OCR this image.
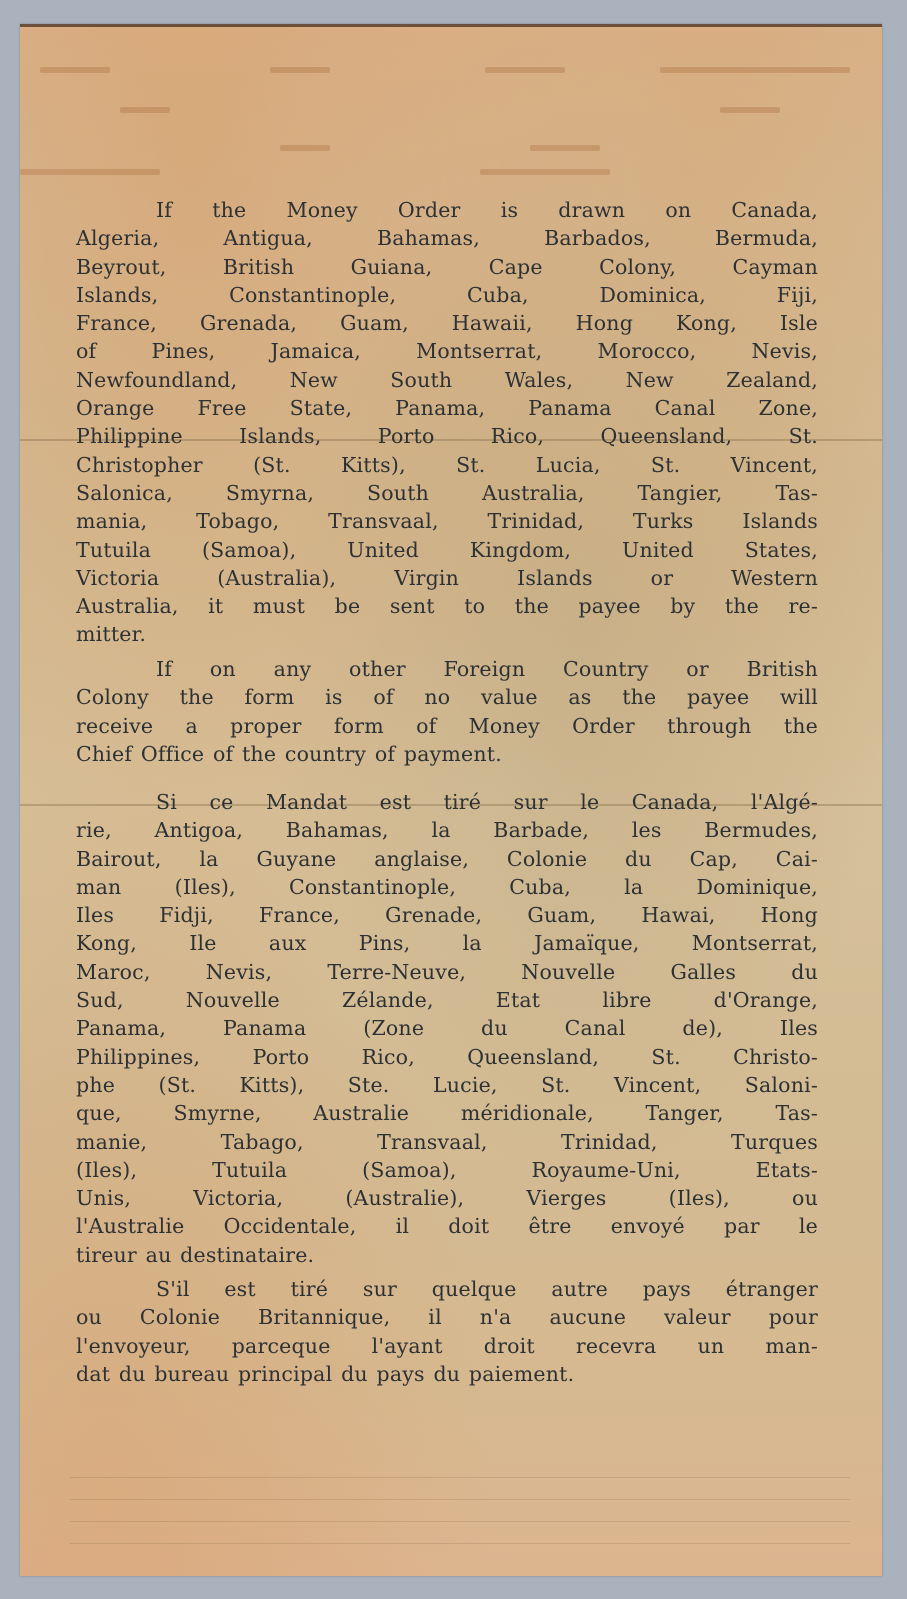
If the Money Order is drawn on Canada,
Algeria, Antigua, Bahamas, Barbados, Bermuda,
Beyrout, British Guiana, Cape Colony, Cayman
Islands, Constantinople, Cuba, Dominica, Fiji,
France, Grenada, Guam, Hawaii, Hong Kong, Isle
of Pines, Jamaica, Montserrat, Morocco, Nevis,
Newfoundland, New South Wales, New Zealand,
Orange Free State, Panama, Panama Canal Zone,
Philippine Islands, Porto Rico, Queensland, St.
Christopher (St. Kitts), St. Lucia, St. Vincent,
Salonica, Smyrna, South Australia, Tangier, Tas-
mania, Tobago, Transvaal, Trinidad, Turks Islands
Tutuila (Samoa), United Kingdom, United States,
Victoria (Australia), Virgin Islands or Western
Australia, it must be sent to the payee by the re-
mitter.
If on any other Foreign Country or British
Colony the form is of no value as the payee will
receive a proper form of Money Order through the
Chief Office of the country of payment.
Si ce Mandat est tiré sur le Canada, l'Algé-
rie, Antigoa, Bahamas, la Barbade, les Bermudes,
Bairout, la Guyane anglaise, Colonie du Cap, Cai-
man (Iles), Constantinople, Cuba, la Dominique,
Iles Fidji, France, Grenade, Guam, Hawai, Hong
Kong, Ile aux Pins, la Jamaïque, Montserrat,
Maroc, Nevis, Terre-Neuve, Nouvelle Galles du
Sud, Nouvelle Zélande, Etat libre d'Orange,
Panama, Panama (Zone du Canal de), Iles
Philippines, Porto Rico, Queensland, St. Christo-
phe (St. Kitts), Ste. Lucie, St. Vincent, Saloni-
que, Smyrne, Australie méridionale, Tanger, Tas-
manie, Tabago, Transvaal, Trinidad, Turques
(Iles), Tutuila (Samoa), Royaume-Uni, Etats-
Unis, Victoria, (Australie), Vierges (Iles), ou
l'Australie Occidentale, il doit être envoyé par le
tireur au destinataire.
S'il est tiré sur quelque autre pays étranger
ou Colonie Britannique, il n'a aucune valeur pour
l'envoyeur, parceque l'ayant droit recevra un man-
dat du bureau principal du pays du paiement.
